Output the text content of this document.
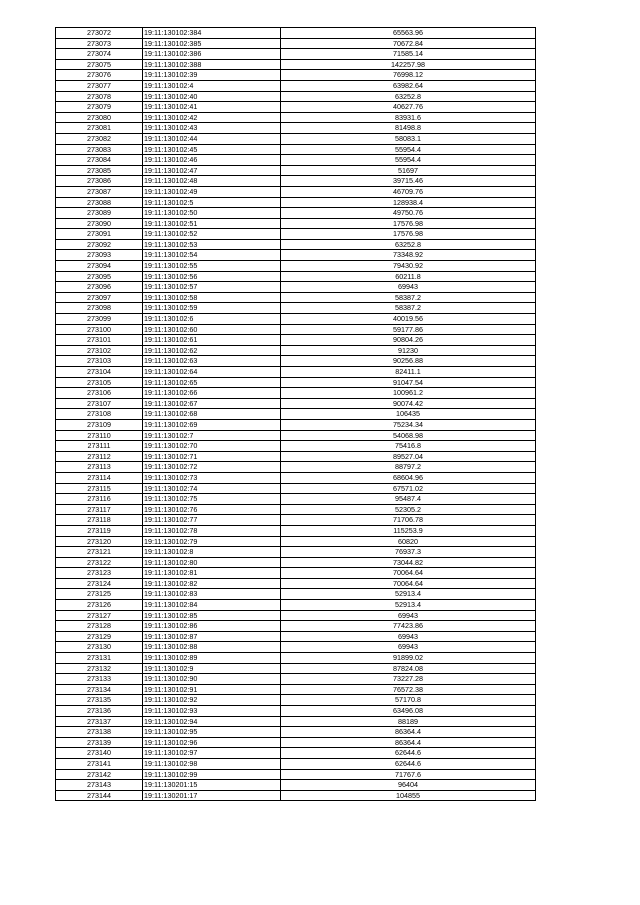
273072	19:11:130102:384	65563.96
273073	19:11:130102:385	70672.84
273074	19:11:130102:386	71585.14
273075	19:11:130102:388	142257.98
273076	19:11:130102:39	76998.12
273077	19:11:130102:4	63982.64
273078	19:11:130102:40	63252.8
273079	19:11:130102:41	40627.76
273080	19:11:130102:42	83931.6
273081	19:11:130102:43	81498.8
273082	19:11:130102:44	58083.1
273083	19:11:130102:45	55954.4
273084	19:11:130102:46	55954.4
273085	19:11:130102:47	51697
273086	19:11:130102:48	39715.46
273087	19:11:130102:49	46709.76
273088	19:11:130102:5	128938.4
273089	19:11:130102:50	49750.76
273090	19:11:130102:51	17576.98
273091	19:11:130102:52	17576.98
273092	19:11:130102:53	63252.8
273093	19:11:130102:54	73348.92
273094	19:11:130102:55	79430.92
273095	19:11:130102:56	60211.8
273096	19:11:130102:57	69943
273097	19:11:130102:58	58387.2
273098	19:11:130102:59	58387.2
273099	19:11:130102:6	40019.56
273100	19:11:130102:60	59177.86
273101	19:11:130102:61	90804.26
273102	19:11:130102:62	91230
273103	19:11:130102:63	90256.88
273104	19:11:130102:64	82411.1
273105	19:11:130102:65	91047.54
273106	19:11:130102:66	100961.2
273107	19:11:130102:67	90074.42
273108	19:11:130102:68	106435
273109	19:11:130102:69	75234.34
273110	19:11:130102:7	54068.98
273111	19:11:130102:70	75416.8
273112	19:11:130102:71	89527.04
273113	19:11:130102:72	88797.2
273114	19:11:130102:73	68604.96
273115	19:11:130102:74	67571.02
273116	19:11:130102:75	95487.4
273117	19:11:130102:76	52305.2
273118	19:11:130102:77	71706.78
273119	19:11:130102:78	115253.9
273120	19:11:130102:79	60820
273121	19:11:130102:8	76937.3
273122	19:11:130102:80	73044.82
273123	19:11:130102:81	70064.64
273124	19:11:130102:82	70064.64
273125	19:11:130102:83	52913.4
273126	19:11:130102:84	52913.4
273127	19:11:130102:85	69943
273128	19:11:130102:86	77423.86
273129	19:11:130102:87	69943
273130	19:11:130102:88	69943
273131	19:11:130102:89	91899.02
273132	19:11:130102:9	87824.08
273133	19:11:130102:90	73227.28
273134	19:11:130102:91	76572.38
273135	19:11:130102:92	57170.8
273136	19:11:130102:93	63496.08
273137	19:11:130102:94	88189
273138	19:11:130102:95	86364.4
273139	19:11:130102:96	86364.4
273140	19:11:130102:97	62644.6
273141	19:11:130102:98	62644.6
273142	19:11:130102:99	71767.6
273143	19:11:130201:15	96404
273144	19:11:130201:17	104855
